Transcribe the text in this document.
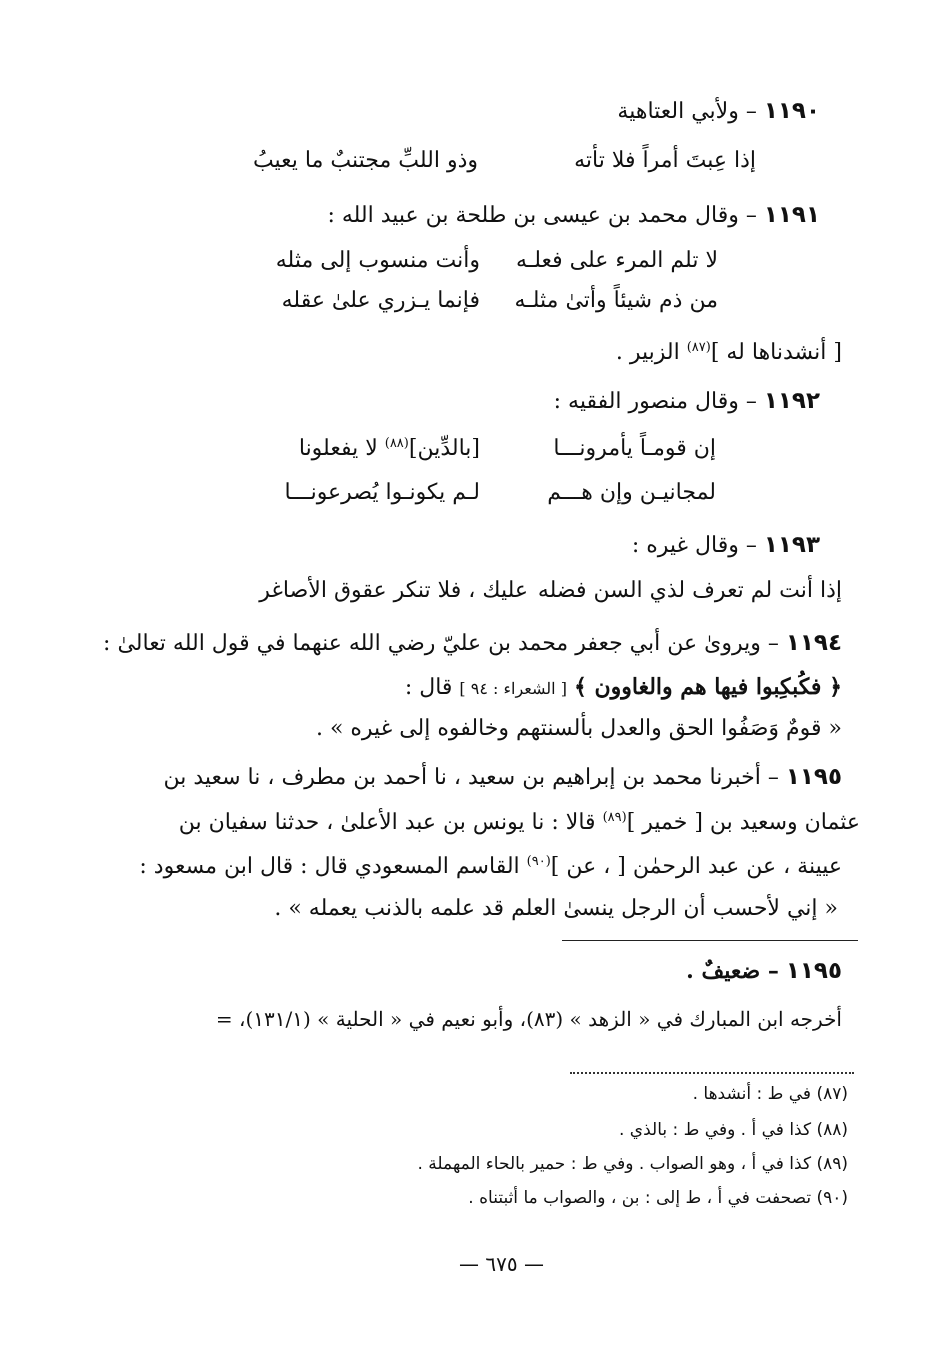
١١٩٠ – ولأبي العتاهية
إذا عِبتَ أمراً فلا تأته
وذو اللبِّ مجتنبٌ ما يعيبُ
١١٩١ – وقال محمد بن عيسى بن طلحة بن عبيد الله :
لا تلم المرء على فعلـه
وأنت منسوب إلى مثله
من ذم شيئاً وأتىٰ مثلـه
فإنما يـزري علىٰ عقله
[ أنشدناها له ]$^{(٨٧)}$ الزبير .
١١٩٢ – وقال منصور الفقيه :
إن قومـاً يأمرونـــا
[بالدِّين]$^{(٨٨)}$ لا يفعلونا
لمجانيـن وإن هـــم
لـم يكونـوا يُصرعونـــا
١١٩٣ – وقال غيره :
إذا أنت لم تعرف لذي السن فضله
عليك ، فلا تنكر عقوق الأصاغر
١١٩٤ – ويروىٰ عن أبي جعفر محمد بن عليّ رضي الله عنهما في قول الله تعالىٰ :
﴿ فكُبكِبوا فيها هم والغاوون ﴾ [ الشعراء : ٩٤ ] قال :
« قومٌ وَصَفُوا الحق والعدل بألسنتهم وخالفوه إلى غيره » .
١١٩٥ – أخبرنا محمد بن إبراهيم بن سعيد ، نا أحمد بن مطرف ، نا سعيد بن
عثمان وسعيد بن [ خمير ]$^{(٨٩)}$ قالا : نا يونس بن عبد الأعلىٰ ، حدثنا سفيان بن
عيينة ، عن عبد الرحمٰن [ ، عن ]$^{(٩٠)}$ القاسم المسعودي قال : قال ابن مسعود :
« إني لأحسب أن الرجل ينسىٰ العلم قد علمه بالذنب يعمله » .
١١٩٥ – ضعيفٌ .
أخرجه ابن المبارك في « الزهد » (٨٣)، وأبو نعيم في « الحلية » (١٣١/١)، =
(٨٧) في ط : أنشدها .
(٨٨) كذا في أ . وفي ط : بالذي .
(٨٩) كذا في أ ، وهو الصواب . وفي ط : حمير بالحاء المهملة .
(٩٠) تصحفت في أ ، ط إلى : بن ، والصواب ما أثبتناه .
— ٦٧٥ —
